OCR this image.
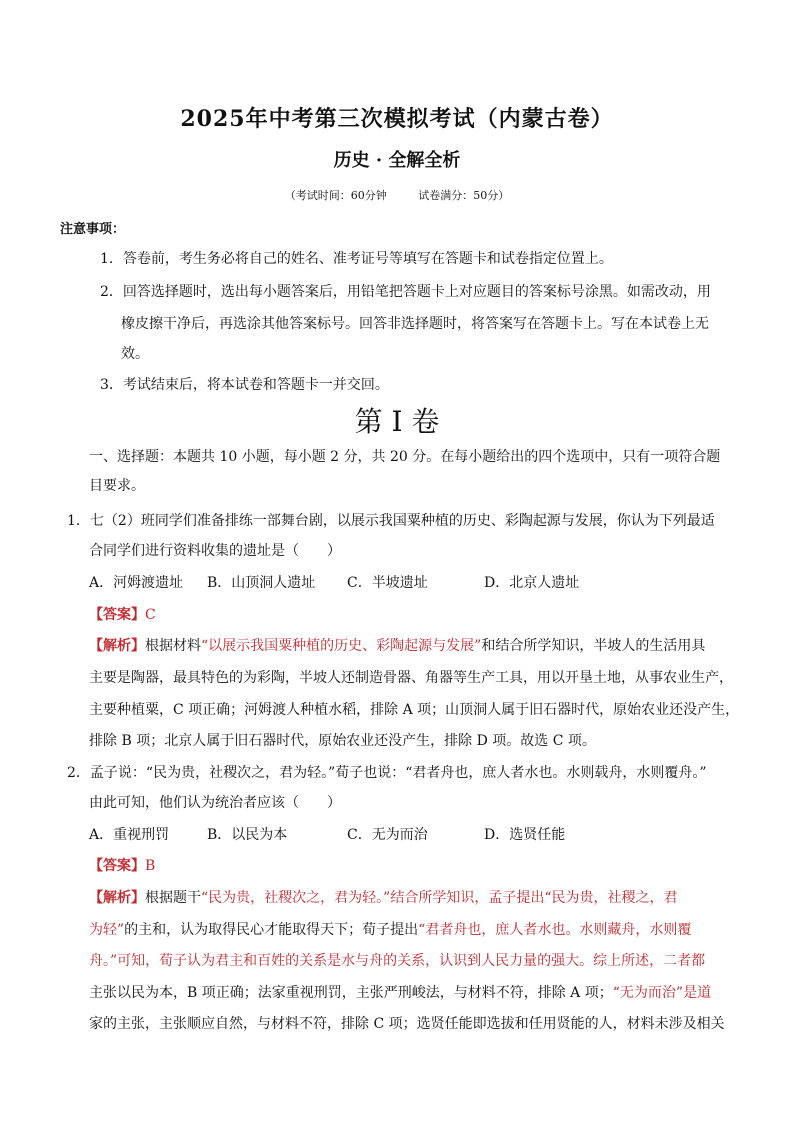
2025年中考第三次模拟考试（内蒙古卷）
历史 · 全解全析
（考试时间：60分钟	试卷满分：50分）
注意事项：
1．答卷前，考生务必将自己的姓名、准考证号等填写在答题卡和试卷指定位置上。
2．回答选择题时，选出每小题答案后，用铅笔把答题卡上对应题目的答案标号涂黑。如需改动，用
橡皮擦干净后，再选涂其他答案标号。回答非选择题时，将答案写在答题卡上。写在本试卷上无
效。
3．考试结束后，将本试卷和答题卡一并交回。
第 I 卷
一、选择题：本题共 10 小题，每小题 2 分，共 20 分。在每小题给出的四个选项中，只有一项符合题
目要求。
1．七（2）班同学们准备排练一部舞台剧，以展示我国粟种植的历史、彩陶起源与发展，你认为下列最适
合同学们进行资料收集的遗址是（　　）
A．河姆渡遗址 B．山顶洞人遗址 C．半坡遗址	D．北京人遗址
【答案】C
【解析】根据材料“以展示我国粟种植的历史、彩陶起源与发展”和结合所学知识，半坡人的生活用具
主要是陶器，最具特色的为彩陶，半坡人还制造骨器、角器等生产工具，用以开垦土地，从事农业生产，
主要种植粟，C 项正确；河姆渡人种植水稻，排除 A 项；山顶洞人属于旧石器时代，原始农业还没产生，
排除 B 项；北京人属于旧石器时代，原始农业还没产生，排除 D 项。故选 C 项。
2．孟子说：“民为贵，社稷次之，君为轻。”荀子也说：“君者舟也，庶人者水也。水则载舟，水则覆舟。”
由此可知，他们认为统治者应该（　　）
A．重视刑罚	B．以民为本	C．无为而治	D．选贤任能
【答案】B
【解析】根据题干“民为贵，社稷次之，君为轻。”结合所学知识，孟子提出“民为贵，社稷之，君
为轻”的主和，认为取得民心才能取得天下；荀子提出“君者舟也，庶人者水也。水则藏舟，水则覆
舟。”可知，荀子认为君主和百姓的关系是水与舟的关系，认识到人民力量的强大。综上所述，二者都
主张以民为本，B 项正确；法家重视刑罚，主张严刑峻法，与材料不符，排除 A 项；“无为而治”是道
家的主张，主张顺应自然，与材料不符，排除 C 项；选贤任能即选拔和任用贤能的人，材料未涉及相关
